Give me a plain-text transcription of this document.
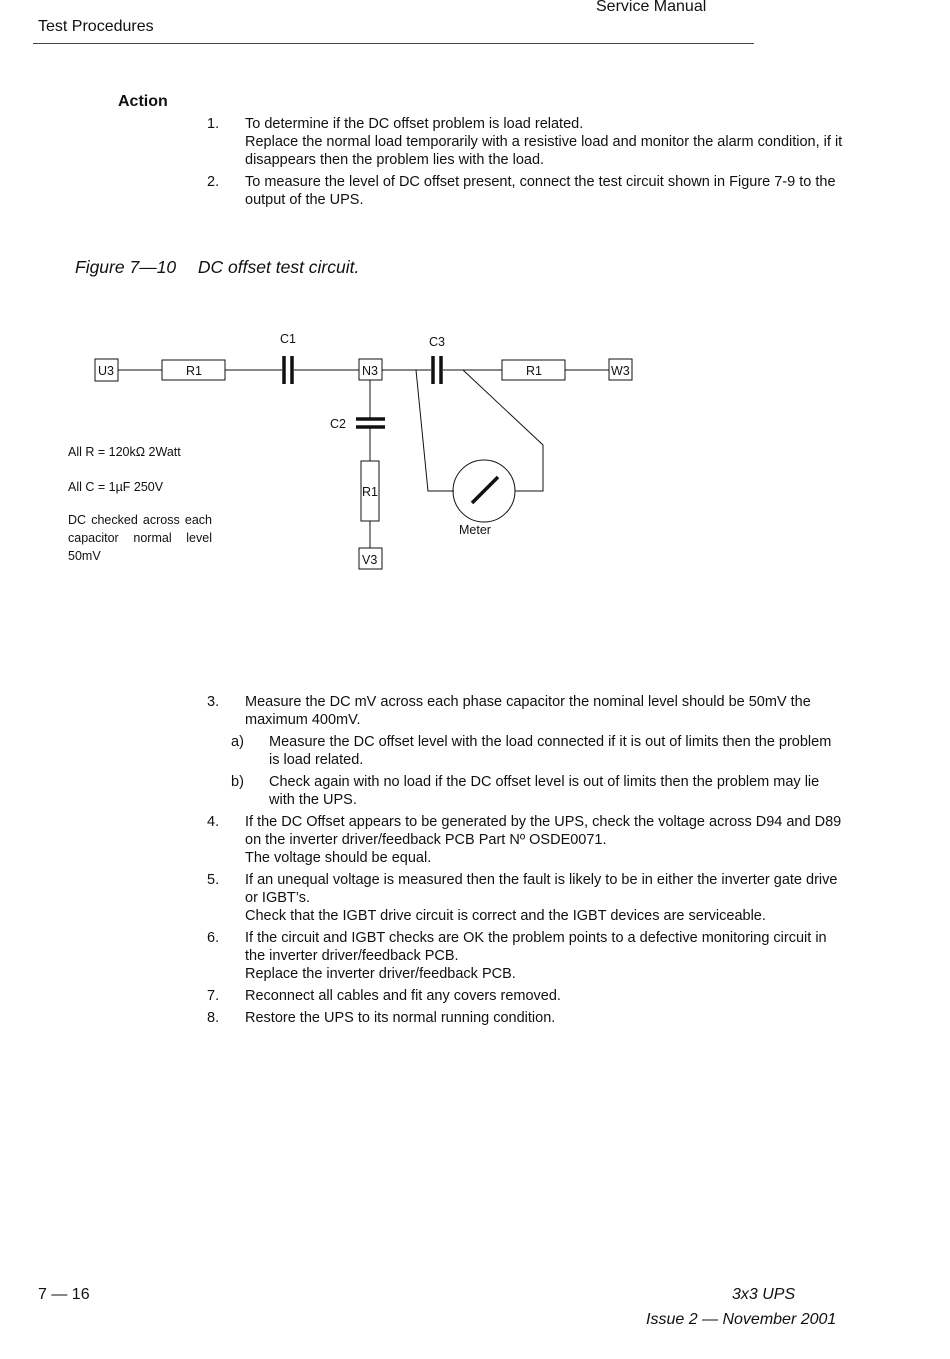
Service Manual
Test Procedures
Action
1. To determine if the DC offset problem is load related.
Replace the normal load temporarily with a resistive load and monitor the alarm condition, if it disappears then the problem lies with the load.
2. To measure the level of DC offset present, connect the test circuit shown in Figure 7-9 to the output of the UPS.
Figure 7—10 DC offset test circuit.
U3	R1
C1
N3
C3
R1	W3
C2
R1
V3
Meter
All R = 120kΩ 2Watt
All C = 1µF 250V
DC checked across each capacitor normal level 50mV
3. Measure the DC mV across each phase capacitor the nominal level should be 50mV the maximum 400mV.
a) Measure the DC offset level with the load connected if it is out of limits then the problem is load related.
b) Check again with no load if the DC offset level is out of limits then the problem may lie with the UPS.
4. If the DC Offset appears to be generated by the UPS, check the voltage across D94 and D89 on the inverter driver/feedback PCB Part Nº OSDE0071.
The voltage should be equal.
5. If an unequal voltage is measured then the fault is likely to be in either the inverter gate drive or IGBT’s.
Check that the IGBT drive circuit is correct and the IGBT devices are serviceable.
6. If the circuit and IGBT checks are OK the problem points to a defective monitoring circuit in the inverter driver/feedback PCB.
Replace the inverter driver/feedback PCB.
7. Reconnect all cables and fit any covers removed.
8. Restore the UPS to its normal running condition.
7 — 16	3x3 UPS
Issue 2 — November 2001
